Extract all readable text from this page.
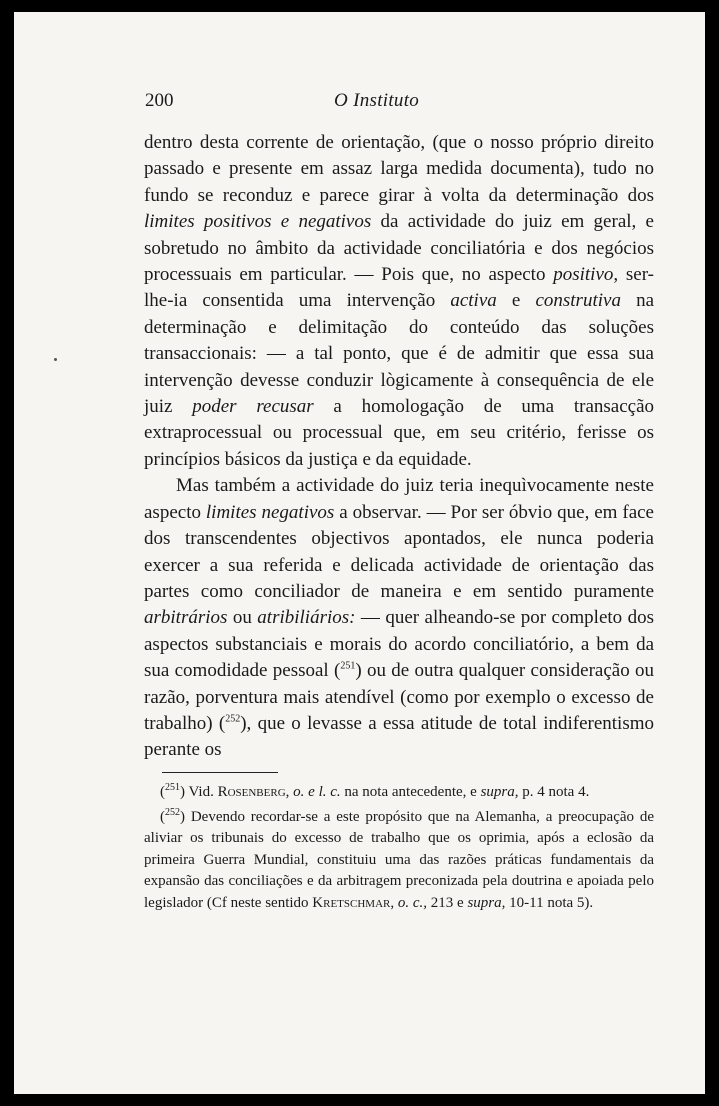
200	O Instituto

dentro desta corrente de orientação, (que o nosso próprio direito passado e presente em assaz larga medida documenta), tudo no fundo se reconduz e parece girar à volta da determinação dos limites positivos e negativos da actividade do juiz em geral, e sobretudo no âmbito da actividade conciliatória e dos negócios processuais em particular. — Pois que, no aspecto positivo, ser-lhe-ia consentida uma intervenção activa e construtiva na determinação e delimitação do conteúdo das soluções transaccionais: — a tal ponto, que é de admitir que essa sua intervenção devesse conduzir lògicamente à consequência de ele juiz poder recusar a homologação de uma transacção extraprocessual ou processual que, em seu critério, ferisse os princípios básicos da justiça e da equidade.

Mas também a actividade do juiz teria inequìvocamente neste aspecto limites negativos a observar. — Por ser óbvio que, em face dos transcendentes objectivos apontados, ele nunca poderia exercer a sua referida e delicada actividade de orientação das partes como conciliador de maneira e em sentido puramente arbitrários ou atribiliários: — quer alheando-se por completo dos aspectos substanciais e morais do acordo conciliatório, a bem da sua comodidade pessoal ($^{251}$) ou de outra qualquer consideração ou razão, porventura mais atendível (como por exemplo o excesso de trabalho) ($^{252}$), que o levasse a essa atitude de total indiferentismo perante os

($^{251}$) Vid. Rosenberg, o. e l. c. na nota antecedente, e supra, p. 4 nota 4.

($^{252}$) Devendo recordar-se a este propósito que na Alemanha, a preocupação de aliviar os tribunais do excesso de trabalho que os oprimia, após a eclosão da primeira Guerra Mundial, constituiu uma das razões práticas fundamentais da expansão das conciliações e da arbitragem preconizada pela doutrina e apoiada pelo legislador (Cf neste sentido Kretschmar, o. c., 213 e supra, 10-11 nota 5).
